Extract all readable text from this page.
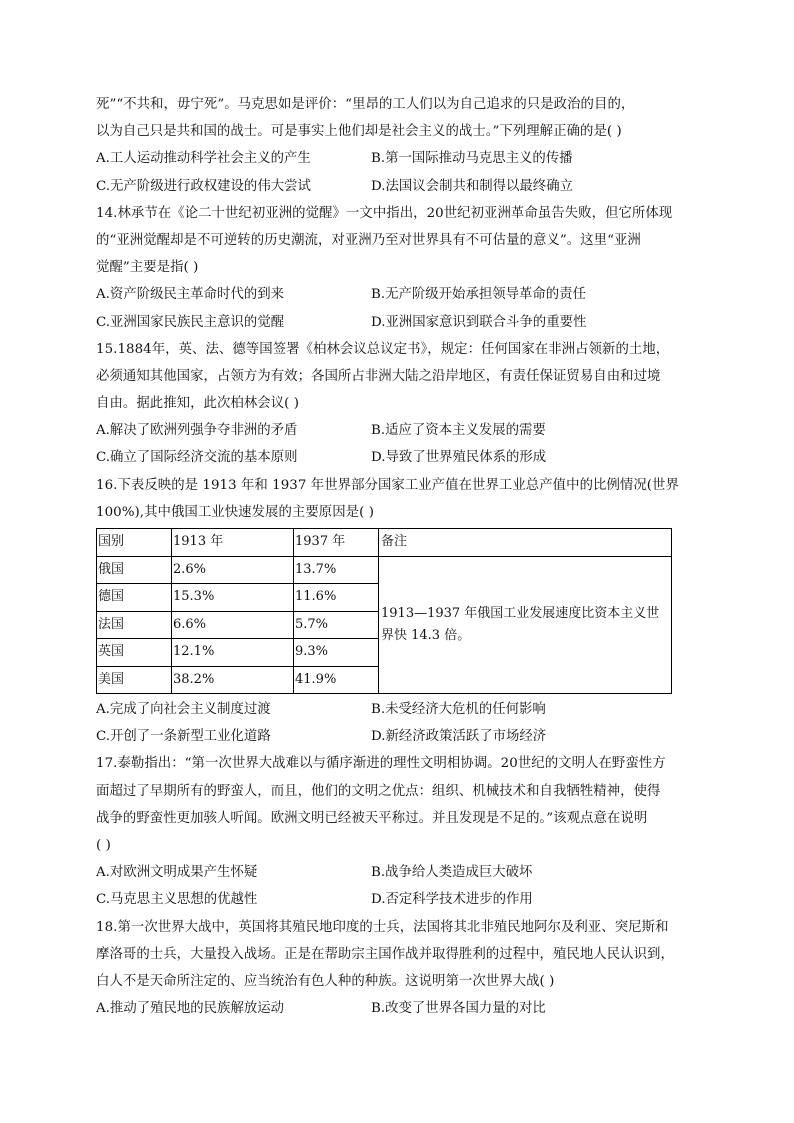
死”“不共和，毋宁死”。马克思如是评价：“里昂的工人们以为自己追求的只是政治的目的，
以为自己只是共和国的战士。可是事实上他们却是社会主义的战士。”下列理解正确的是( )
A.工人运动推动科学社会主义的产生	B.第一国际推动马克思主义的传播
C.无产阶级进行政权建设的伟大尝试	D.法国议会制共和制得以最终确立
14.林承节在《论二十世纪初亚洲的觉醒》一文中指出，20世纪初亚洲革命虽告失败，但它所体现
的“亚洲觉醒却是不可逆转的历史潮流，对亚洲乃至对世界具有不可估量的意义”。这里“亚洲
觉醒”主要是指( )
A.资产阶级民主革命时代的到来	B.无产阶级开始承担领导革命的责任
C.亚洲国家民族民主意识的觉醒	D.亚洲国家意识到联合斗争的重要性
15.1884年，英、法、德等国签署《柏林会议总议定书》，规定：任何国家在非洲占领新的土地，
必须通知其他国家，占领方为有效；各国所占非洲大陆之沿岸地区，有责任保证贸易自由和过境
自由。据此推知，此次柏林会议( )
A.解决了欧洲列强争夺非洲的矛盾	B.适应了资本主义发展的需要
C.确立了国际经济交流的基本原则	D.导致了世界殖民体系的形成
16.下表反映的是 1913 年和 1937 年世界部分国家工业产值在世界工业总产值中的比例情况(世界
100%),其中俄国工业快速发展的主要原因是( )
国别	1913 年	1937 年	备注
俄国	2.6%	13.7%	1913—1937 年俄国工业发展速度比资本主义世界快 14.3 倍。
德国	15.3%	11.6%	
法国	6.6%	5.7%	
英国	12.1%	9.3%	
美国	38.2%	41.9%	
A.完成了向社会主义制度过渡	B.未受经济大危机的任何影响
C.开创了一条新型工业化道路	D.新经济政策活跃了市场经济
17.泰勒指出：“第一次世界大战难以与循序渐进的理性文明相协调。20世纪的文明人在野蛮性方
面超过了早期所有的野蛮人，而且，他们的文明之优点：组织、机械技术和自我牺牲精神，使得
战争的野蛮性更加骇人听闻。欧洲文明已经被天平称过。并且发现是不足的。”该观点意在说明
( )
A.对欧洲文明成果产生怀疑	B.战争给人类造成巨大破坏
C.马克思主义思想的优越性	D.否定科学技术进步的作用
18.第一次世界大战中，英国将其殖民地印度的士兵，法国将其北非殖民地阿尔及利亚、突尼斯和
摩洛哥的士兵，大量投入战场。正是在帮助宗主国作战并取得胜利的过程中，殖民地人民认识到，
白人不是天命所注定的、应当统治有色人种的种族。这说明第一次世界大战( )
A.推动了殖民地的民族解放运动	B.改变了世界各国力量的对比
